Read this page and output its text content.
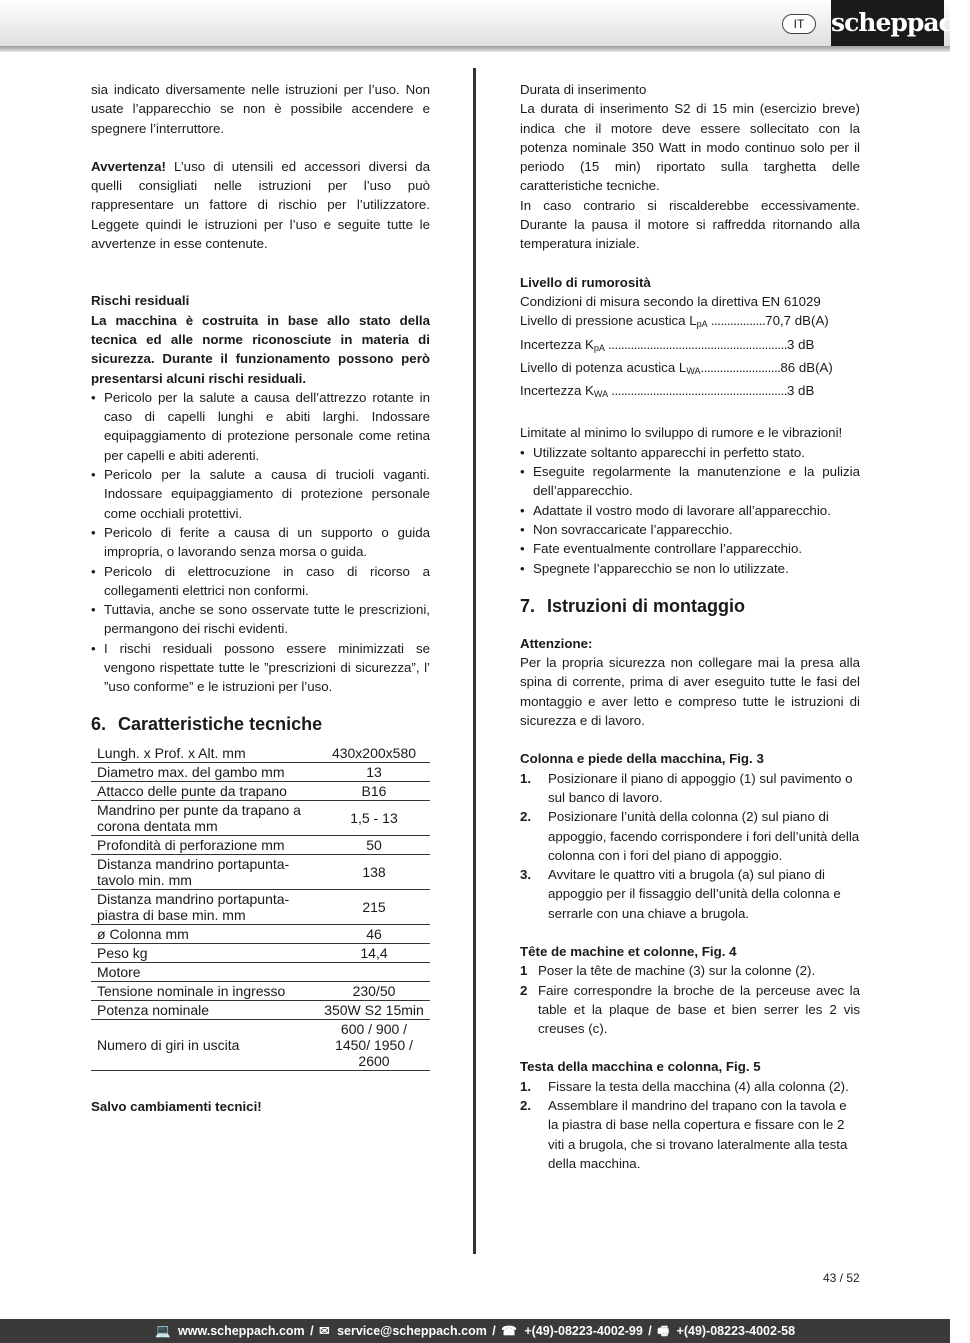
IT	scheppach

sia indicato diversamente nelle istruzioni per l’uso. Non usate l’apparecchio se non è possibile accendere e spegnere l’interruttore.

Avvertenza! L’uso di utensili ed accessori diversi da quelli consigliati nelle istruzioni per l’uso può rappresentare un fattore di rischio per l’utilizzatore. Leggete quindi le istruzioni per l’uso e seguite tutte le avvertenze in esse contenute.

Rischi residuali

La macchina è costruita in base allo stato della tecnica ed alle norme riconosciute in materia di sicurezza. Durante il funzionamento possono però presentarsi alcuni rischi residuali.

• Pericolo per la salute a causa dell’attrezzo rotante in caso di capelli lunghi e abiti larghi. Indossare equipaggiamento di protezione personale come retina per capelli e abiti aderenti.
• Pericolo per la salute a causa di trucioli vaganti. Indossare equipaggiamento di protezione personale come occhiali protettivi.
• Pericolo di ferite a causa di un supporto o guida impropria, o lavorando senza morsa o guida.
• Pericolo di elettrocuzione in caso di ricorso a collegamenti elettrici non conformi.
• Tuttavia, anche se sono osservate tutte le prescrizioni, permangono dei rischi evidenti.
• I rischi residuali possono essere minimizzati se vengono rispettate tutte le ”prescrizioni di sicurezza”, l’ ”uso conforme” e le istruzioni per l’uso.
6. Caratteristiche tecniche
Lungh. x Prof. x Alt. mm	430x200x580
Diametro max. del gambo mm	13
Attacco delle punte da trapano	B16
Mandrino per punte da trapano a corona dentata mm	1,5 - 13
Profondità di perforazione mm	50
Distanza mandrino portapunta-tavolo min. mm	138
Distanza mandrino portapunta-piastra di base min. mm	215
ø Colonna mm	46
Peso kg	14,4
Motore	
Tensione nominale in ingresso	230/50
Potenza nominale	350W S2 15min
Numero di giri in uscita	600 / 900 / 1450/ 1950 / 2600

Salvo cambiamenti tecnici!

Durata di inserimento

La durata di inserimento S2 di 15 min (esercizio breve) indica che il motore deve essere sollecitato con la potenza nominale 350 Watt in modo continuo solo per il periodo (15 min) riportato sulla targhetta delle caratteristiche tecniche.

In caso contrario si riscalderebbe eccessivamente. Durante la pausa il motore si raffredda ritornando alla temperatura iniziale.

Livello di rumorosità

Condizioni di misura secondo la direttiva EN 61029

Livello di pressione acustica $L_{pA}$ .................70,7 dB(A)

Incertezza $K_{pA}$ ........................................................3 dB

Livello di potenza acustica $L_{WA}.........................86$ dB(A)

Incertezza $K_{WA}$ .......................................................3 dB

Limitate al minimo lo sviluppo di rumore e le vibrazioni!

• Utilizzate soltanto apparecchi in perfetto stato.
• Eseguite regolarmente la manutenzione e la pulizia dell’apparecchio.
• Adattate il vostro modo di lavorare all’apparecchio.
• Non sovraccaricate l’apparecchio.
• Fate eventualmente controllare l’apparecchio.
• Spegnete l’apparecchio se non lo utilizzate.
7. Istruzioni di montaggio

Attenzione:

Per la propria sicurezza non collegare mai la presa alla spina di corrente, prima di aver eseguito tutte le fasi del montaggio e aver letto e compreso tutte le istruzioni di sicurezza e di lavoro.

Colonna e piede della macchina, Fig. 3

1. Posizionare il piano di appoggio (1) sul pavimento o sul banco di lavoro.
2. Posizionare l’unità della colonna (2) sul piano di appoggio, facendo corrispondere i fori dell’unità della colonna con i fori del piano di appoggio.
3. Avvitare le quattro viti a brugola (a) sul piano di appoggio per il fissaggio dell’unità della colonna e serrarle con una chiave a brugola.

Tête de machine et colonne, Fig. 4

1 Poser la tête de machine (3) sur la colonne (2).
2 Faire correspondre la broche de la perceuse avec la table et la plaque de base et bien serrer les 2 vis creuses (c).

Testa della macchina e colonna, Fig. 5

1. Fissare la testa della macchina (4) alla colonna (2).
2. Assemblare il mandrino del trapano con la tavola e la piastra di base nella copertura e fissare con le 2 viti a brugola, che si trovano lateralmente alla testa della macchina.
43 / 52
💻 www.scheppach.com / ✉ service@scheppach.com / ☎ +(49)-08223-4002-99 / 🖷 +(49)-08223-4002-58
